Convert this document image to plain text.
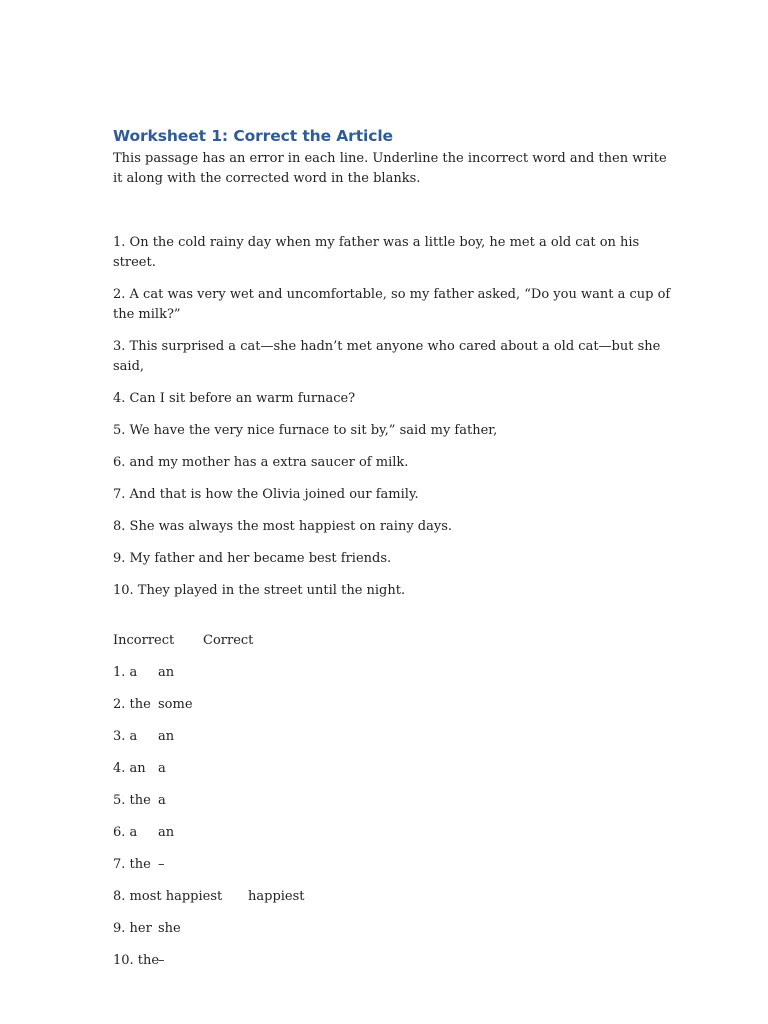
Worksheet 1: Correct the Article

This passage has an error in each line. Underline the incorrect word and then write it along with the corrected word in the blanks.

1. On the cold rainy day when my father was a little boy, he met a old cat on his street.

2. A cat was very wet and uncomfortable, so my father asked, “Do you want a cup of the milk?”

3. This surprised a cat—she hadn’t met anyone who cared about a old cat—but she said,

4. Can I sit before an warm furnace?

5. We have the very nice furnace to sit by,” said my father,

6. and my mother has a extra saucer of milk.

7. And that is how the Olivia joined our family.

8. She was always the most happiest on rainy days.

9. My father and her became best friends.

10. They played in the street until the night.

Incorrect Correct
1. a an
2. the some
3. a an
4. an a
5. the a
6. a an
7. the –
8. most happiest happiest
9. her she
10. the
–
